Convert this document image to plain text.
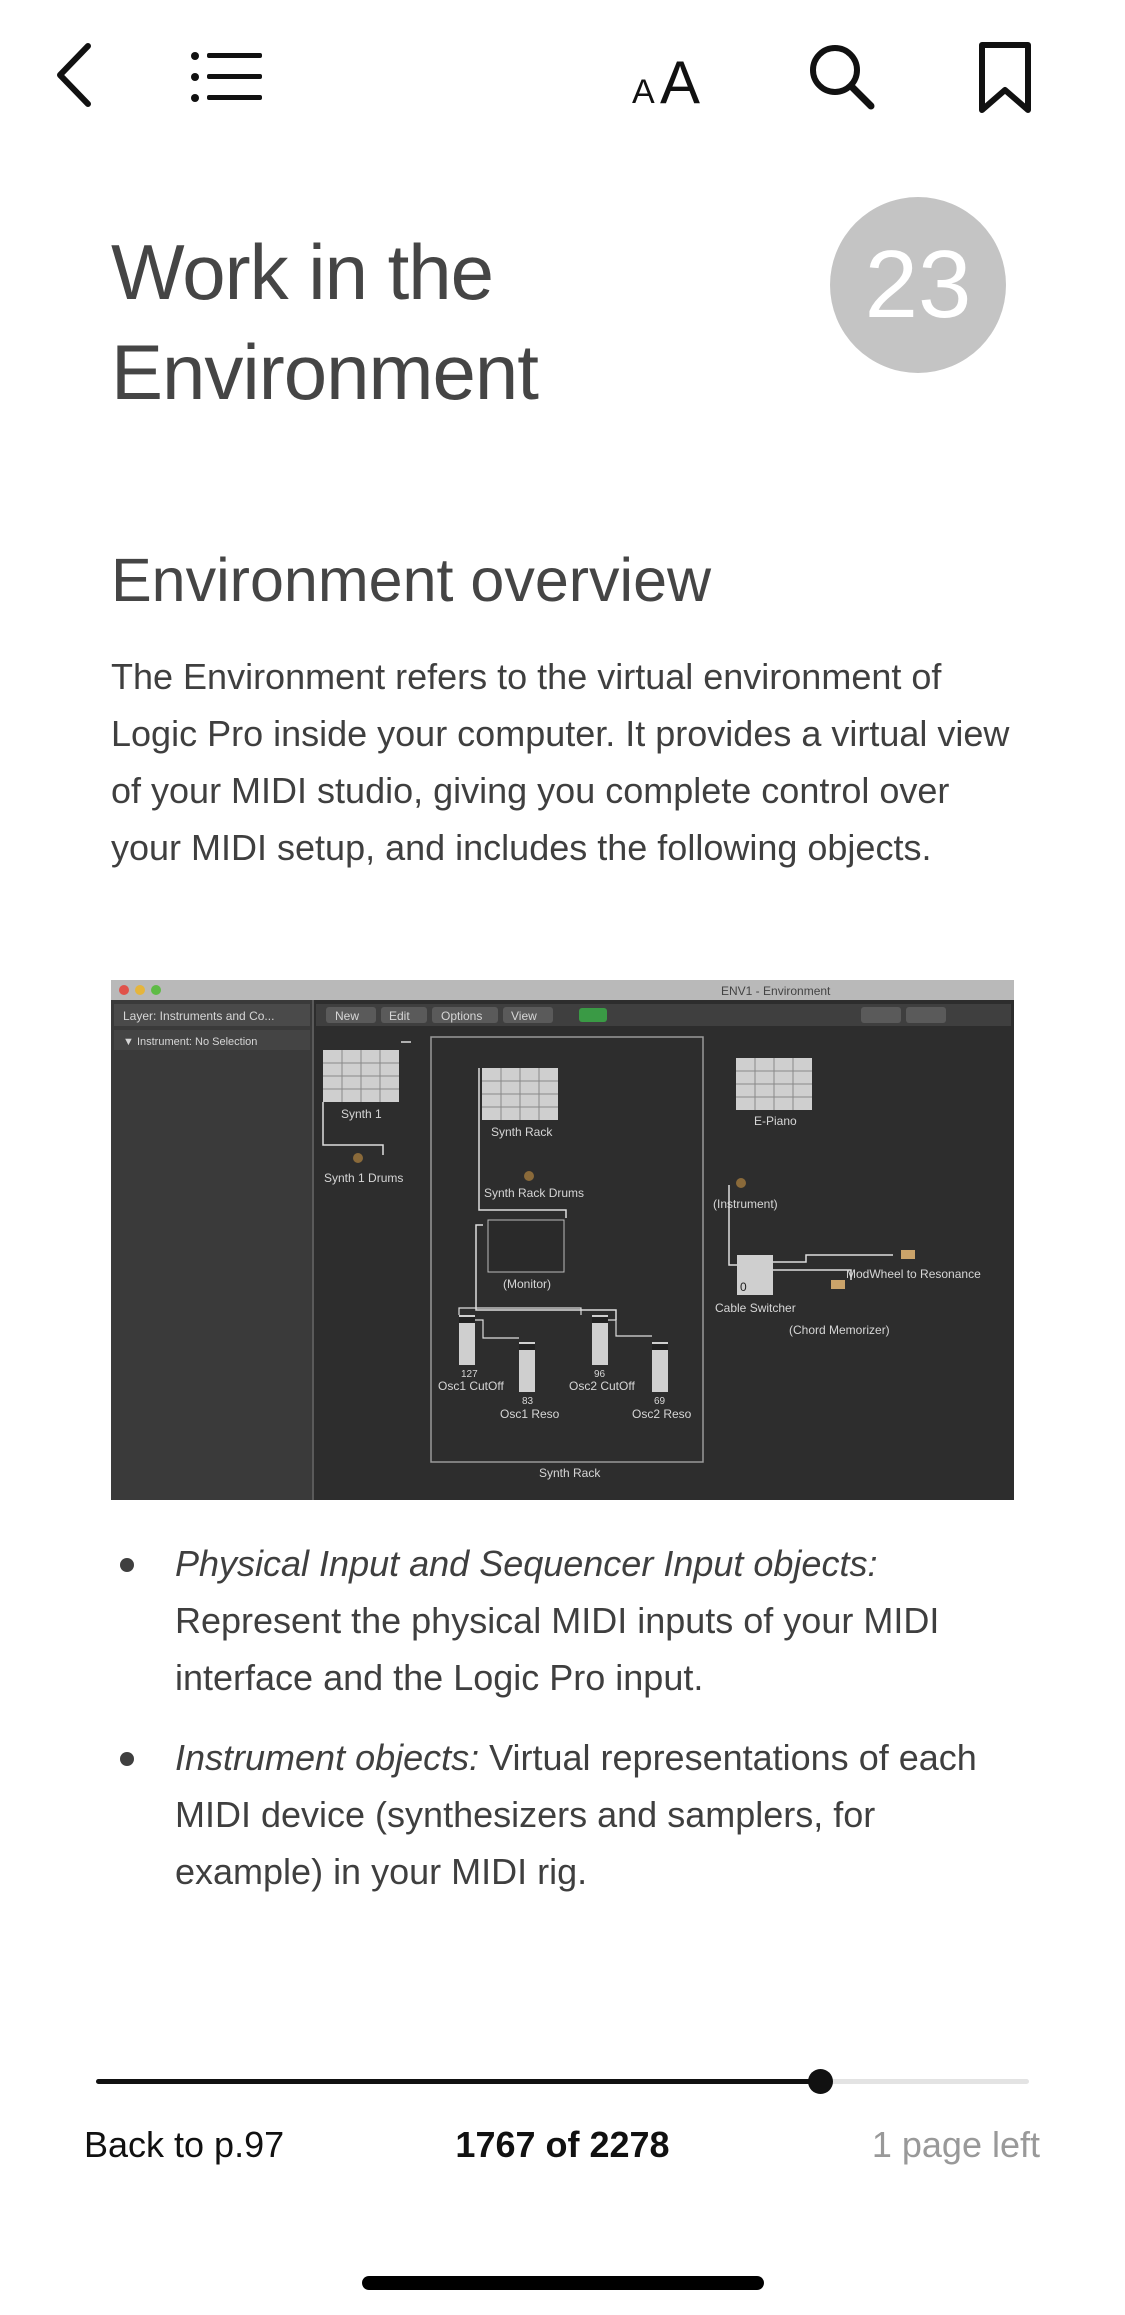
A A
Work in the Environment
23
Environment overview
The Environment refers to the virtual environment of Logic Pro inside your computer. It provides a virtual view of your MIDI studio, giving you complete control over your MIDI setup, and includes the following objects.
ENV1 - Environment
Layer: Instruments and Co...
▼ Instrument: No Selection
New Edit	Options View
Synth 1
Synth 1 Drums
Synth Rack
Synth Rack Drums
(Monitor)
127
Osc1 CutOff
83
Osc1 Reso
96
Osc2 CutOff
69
Osc2 Reso
Synth Rack
E-Piano
(Instrument)
0
Cable Switcher
ModWheel to Resonance
(Chord Memorizer)
Physical Input and Sequencer Input objects: Represent the physical MIDI inputs of your MIDI interface and the Logic Pro input.
Instrument objects: Virtual representations of each MIDI device (synthesizers and samplers, for example) in your MIDI rig.
Back to p.97	1767 of 2278	1 page left
